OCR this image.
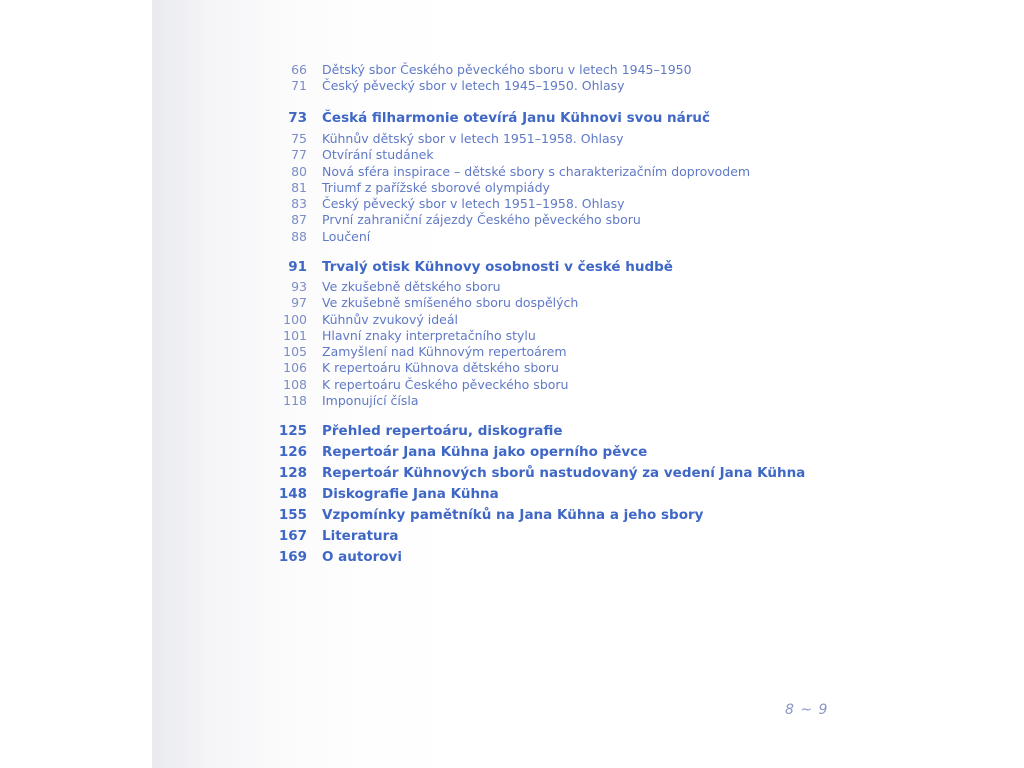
66 Dětský sbor Českého pěveckého sboru v letech 1945–1950
71 Český pěvecký sbor v letech 1945–1950. Ohlasy
73 Česká filharmonie otevírá Janu Kühnovi svou náruč
75 Kühnův dětský sbor v letech 1951–1958. Ohlasy
77 Otvírání studánek
80 Nová sféra inspirace – dětské sbory s charakterizačním doprovodem
81 Triumf z pařížské sborové olympiády
83 Český pěvecký sbor v letech 1951–1958. Ohlasy
87 První zahraniční zájezdy Českého pěveckého sboru
88 Loučení
91 Trvalý otisk Kühnovy osobnosti v české hudbě
93 Ve zkušebně dětského sboru
97 Ve zkušebně smíšeného sboru dospělých
100 Kühnův zvukový ideál
101 Hlavní znaky interpretačního stylu
105 Zamyšlení nad Kühnovým repertoárem
106 K repertoáru Kühnova dětského sboru
108 K repertoáru Českého pěveckého sboru
118 Imponující čísla
125 Přehled repertoáru, diskografie
126 Repertoár Jana Kühna jako operního pěvce
128 Repertoár Kühnových sborů nastudovaný za vedení Jana Kühna
148 Diskografie Jana Kühna
155 Vzpomínky pamětníků na Jana Kühna a jeho sbory
167 Literatura
169 O autorovi
8 ~ 9
